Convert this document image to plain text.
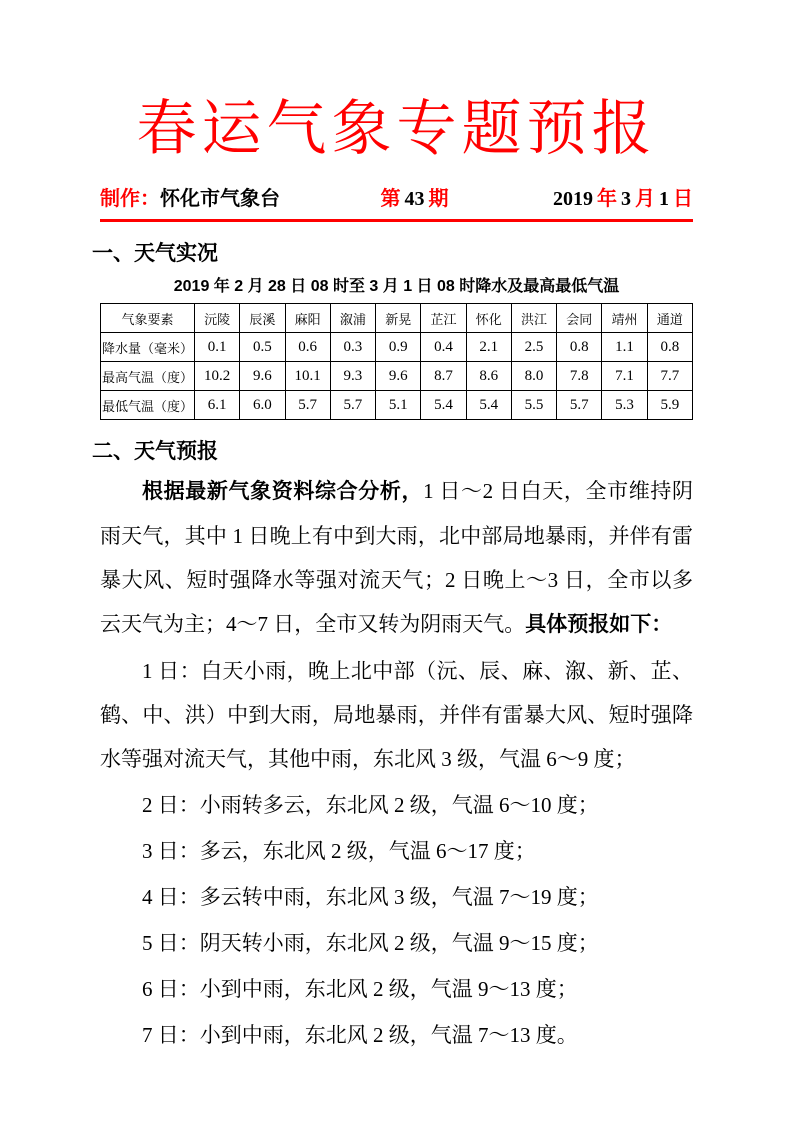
春运气象专题预报
制作：怀化市气象台	第 43 期	2019 年 3 月 1 日
一、天气实况
2019 年 2 月 28 日 08 时至 3 月 1 日 08 时降水及最高最低气温
气象要素	沅陵	辰溪	麻阳	溆浦	新晃	芷江	怀化	洪江	会同	靖州	通道
降水量（毫米）	0.1	0.5	0.6	0.3	0.9	0.4	2.1	2.5	0.8	1.1	0.8
最高气温（度）	10.2	9.6	10.1	9.3	9.6	8.7	8.6	8.0	7.8	7.1	7.7
最低气温（度）	6.1	6.0	5.7	5.7	5.1	5.4	5.4	5.5	5.7	5.3	5.9
二、天气预报

根据最新气象资料综合分析，1 日～2 日白天，全市维持阴雨天气，其中 1 日晚上有中到大雨，北中部局地暴雨，并伴有雷暴大风、短时强降水等强对流天气；2 日晚上～3 日，全市以多云天气为主；4～7 日，全市又转为阴雨天气。具体预报如下：

1 日：白天小雨，晚上北中部（沅、辰、麻、溆、新、芷、鹤、中、洪）中到大雨，局地暴雨，并伴有雷暴大风、短时强降水等强对流天气，其他中雨，东北风 3 级，气温 6～9 度；

2 日：小雨转多云，东北风 2 级，气温 6～10 度；

3 日：多云，东北风 2 级，气温 6～17 度；

4 日：多云转中雨，东北风 3 级，气温 7～19 度；

5 日：阴天转小雨，东北风 2 级，气温 9～15 度；

6 日：小到中雨，东北风 2 级，气温 9～13 度；

7 日：小到中雨，东北风 2 级，气温 7～13 度。
